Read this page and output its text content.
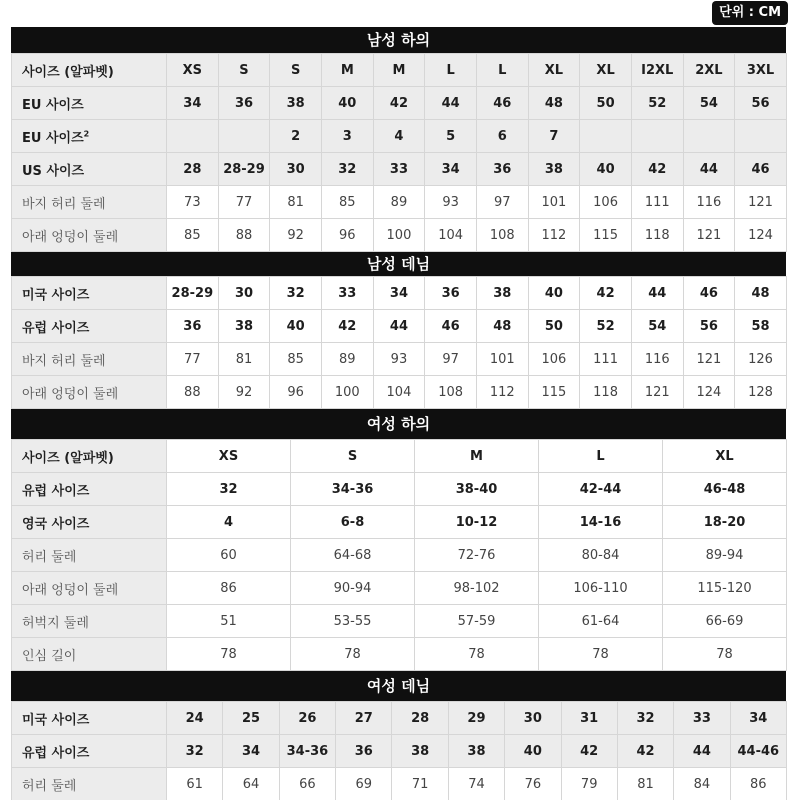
단위 : CM
남성 하의
사이즈 (알파벳)	XS	S	S	M	M	L	L	XL	XL	I2XL	2XL	3XL
EU 사이즈	34	36	38	40	42	44	46	48	50	52	54	56
EU 사이즈$^2$			2	3	4	5	6	7				
US 사이즈	28	28-29	30	32	33	34	36	38	40	42	44	46
바지 허리 둘레	73	77	81	85	89	93	97	101	106	111	116	121
아래 엉덩이 둘레	85	88	92	96	100	104	108	112	115	118	121	124
남성 데님
미국 사이즈	28-29	30	32	33	34	36	38	40	42	44	46	48
유럽 사이즈	36	38	40	42	44	46	48	50	52	54	56	58
바지 허리 둘레	77	81	85	89	93	97	101	106	111	116	121	126
아래 엉덩이 둘레	88	92	96	100	104	108	112	115	118	121	124	128
여성 하의
사이즈 (알파벳)	XS	S	M	L	XL
유럽 사이즈	32	34-36	38-40	42-44	46-48
영국 사이즈	4	6-8	10-12	14-16	18-20
허리 둘레	60	64-68	72-76	80-84	89-94
아래 엉덩이 둘레	86	90-94	98-102	106-110	115-120
허벅지 둘레	51	53-55	57-59	61-64	66-69
인심 길이	78	78	78	78	78
여성 데님
미국 사이즈	24	25	26	27	28	29	30	31	32	33	34
유럽 사이즈	32	34	34-36	36	38	38	40	42	42	44	44-46
허리 둘레	61	64	66	69	71	74	76	79	81	84	86
